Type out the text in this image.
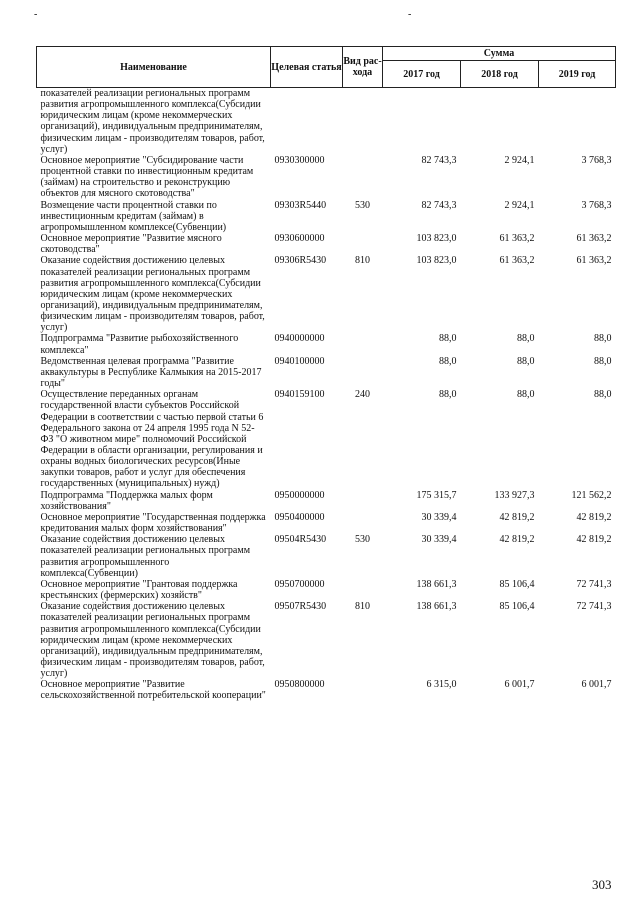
-	-
Наименование	Целевая статья	Вид рас-хода	Сумма		
			2017 год	2018 год	2019 год
показателей реализации региональных программ развития агропромышленного комплекса(Субсидии юридическим лицам (кроме некоммерческих организаций), индивидуальным предпринимателям, физическим лицам - производителям товаров, работ, услуг)					
Основное мероприятие "Субсидирование части процентной ставки по инвестиционным кредитам (займам) на строительство и реконструкцию объектов для мясного скотоводства"	0930300000		82 743,3	2 924,1	3 768,3
Возмещение части процентной ставки по инвестиционным кредитам (займам) в агропромышленном комплексе(Субвенции)	09303R5440	530	82 743,3	2 924,1	3 768,3
Основное мероприятие "Развитие мясного скотоводства"	0930600000		103 823,0	61 363,2	61 363,2
Оказание содействия достижению целевых показателей реализации региональных программ развития агропромышленного комплекса(Субсидии юридическим лицам (кроме некоммерческих организаций), индивидуальным предпринимателям, физическим лицам - производителям товаров, работ, услуг)	09306R5430	810	103 823,0	61 363,2	61 363,2
Подпрограмма "Развитие рыбохозяйственного комплекса"	0940000000		88,0	88,0	88,0
Ведомственная целевая программа "Развитие аквакультуры в Республике Калмыкия на 2015-2017 годы"	0940100000		88,0	88,0	88,0
Осуществление переданных органам государственной власти субъектов Российской Федерации в соответствии с частью первой статьи 6 Федерального закона от 24 апреля 1995 года N 52-ФЗ "О животном мире" полномочий Российской Федерации в области организации, регулирования и охраны водных биологических ресурсов(Иные закупки товаров, работ и услуг для обеспечения государственных (муниципальных) нужд)	0940159100	240	88,0	88,0	88,0
Подпрограмма "Поддержка малых форм хозяйствования"	0950000000		175 315,7	133 927,3	121 562,2
Основное мероприятие "Государственная поддержка кредитования малых форм хозяйствования"	0950400000		30 339,4	42 819,2	42 819,2
Оказание содействия достижению целевых показателей реализации региональных программ развития агропромышленного комплекса(Субвенции)	09504R5430	530	30 339,4	42 819,2	42 819,2
Основное мероприятие "Грантовая поддержка крестьянских (фермерских) хозяйств"	0950700000		138 661,3	85 106,4	72 741,3
Оказание содействия достижению целевых показателей реализации региональных программ развития агропромышленного комплекса(Субсидии юридическим лицам (кроме некоммерческих организаций), индивидуальным предпринимателям, физическим лицам - производителям товаров, работ, услуг)	09507R5430	810	138 661,3	85 106,4	72 741,3
Основное мероприятие "Развитие сельскохозяйственной потребительской кооперации"	0950800000		6 315,0	6 001,7	6 001,7
303
